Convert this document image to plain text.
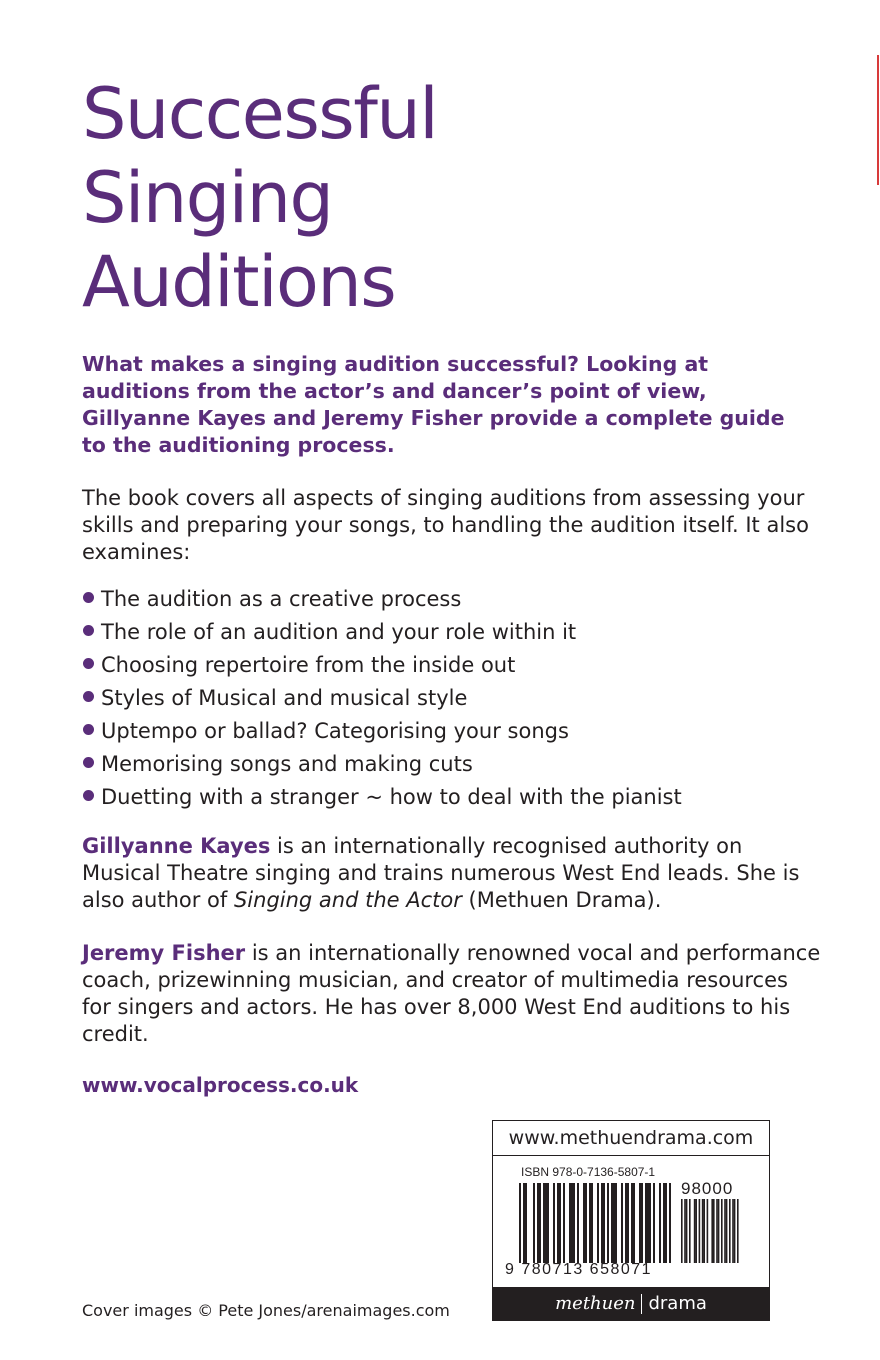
Successful
Singing
Auditions

What makes a singing audition successful? Looking at auditions from the actor’s and dancer’s point of view, Gillyanne Kayes and Jeremy Fisher provide a complete guide to the auditioning process.

The book covers all aspects of singing auditions from assessing your skills and preparing your songs, to handling the audition itself. It also examines:

The audition as a creative process
The role of an audition and your role within it
Choosing repertoire from the inside out
Styles of Musical and musical style
Uptempo or ballad? Categorising your songs
Memorising songs and making cuts
Duetting with a stranger ~ how to deal with the pianist

Gillyanne Kayes is an internationally recognised authority on Musical Theatre singing and trains numerous West End leads. She is also author of Singing and the Actor (Methuen Drama).

Jeremy Fisher is an internationally renowned vocal and performance coach, prizewinning musician, and creator of multimedia resources for singers and actors. He has over 8,000 West End auditions to his credit.

www.vocalprocess.co.uk
Cover images © Pete Jones/arenaimages.com
www.methuendrama.com
ISBN 978-0-7136-5807-1
98000
9 780713 658071
methuen drama
